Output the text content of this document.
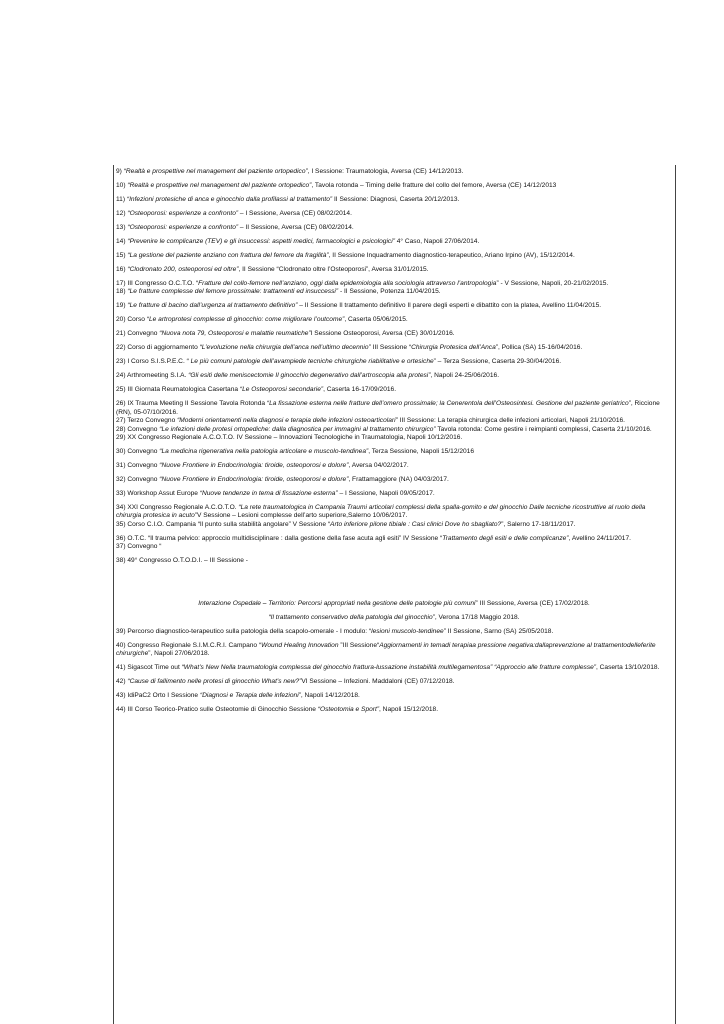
9) “Realtà e prospettive nel management del paziente ortopedico”, I Sessione: Traumatologia, Aversa (CE) 14/12/2013.
10) “Realtà e prospettive nel management del paziente ortopedico”, Tavola rotonda – Timing delle fratture del collo del femore, Aversa (CE) 14/12/2013
11) “Infezioni protesiche di anca e ginocchio dalla profilassi al trattamento” II Sessione: Diagnosi, Caserta 20/12/2013.
12) “Osteoporosi: esperienze a confronto” – I Sessione, Aversa (CE) 08/02/2014.
13) “Osteoporosi: esperienze a confronto” – II Sessione, Aversa (CE) 08/02/2014.
14) “Prevenire le complicanze (TEV) e gli insuccessi: aspetti medici, farmacologici e psicologici” 4° Caso, Napoli 27/06/2014.
15) “La gestione del paziente anziano con frattura del femore da fragilità”, II Sessione Inquadramento diagnostico-terapeutico, Ariano Irpino (AV), 15/12/2014.
16) “Clodronato 200, osteoporosi ed oltre”, II Sessione “Clodronato oltre l’Osteoporosi”, Aversa 31/01/2015.
17) III Congresso O.C.T.O. “Fratture del collo-femore nell’anziano, oggi dalla epidemiologia alla sociologia attraverso l’antropologia” - V Sessione, Napoli, 20-21/02/2015.
18) “Le fratture complesse del femore prossimale: trattamenti ed insuccessi” - II Sessione, Potenza 11/04/2015.
19) “Le fratture di bacino dall’urgenza al trattamento definitivo” – II Sessione Il trattamento definitivo Il parere degli esperti e dibattito con la platea, Avellino 11/04/2015.
20) Corso “Le artroprotesi complesse di ginocchio: come migliorare l’outcome”, Caserta 05/06/2015.
21) Convegno “Nuova nota 79, Osteoporosi e malattie reumatiche”I Sessione Osteoporosi, Aversa (CE) 30/01/2016.
22) Corso di aggiornamento “L’evoluzione nella chirurgia dell’anca nell’ultimo decennio” III Sessione “Chirurgia Protesica dell’Anca”, Pollica (SA) 15-16/04/2016.
23) I Corso S.I.S.P.E.C. “ Le più comuni patologie dell’avampiede tecniche chirurgiche riabilitative e ortesiche” – Terza Sessione, Caserta 29-30/04/2016.
24) Arthromeeting S.I.A. “Gli esiti delle meniscectomie Il ginocchio degenerativo dall’artroscopia alla protesi”, Napoli 24-25/06/2016.
25) III Giornata Reumatologica Casertana “Le Osteoporosi secondarie”, Caserta 16-17/09/2016.
26) IX Trauma Meeting II Sessione Tavola Rotonda “La fissazione esterna nelle fratture dell’omero prossimale; la Cenerentola dell’Osteosintesi. Gestione del paziente geriatrico”, Riccione (RN), 05-07/10/2016.
27) Terzo Convegno “Moderni orientamenti nella diagnosi e terapia delle infezioni osteoarticolari” III Sessione: La terapia chirurgica delle infezioni articolari, Napoli 21/10/2016.
28) Convegno “Le infezioni delle protesi ortopediche: dalla diagnostica per immagini al trattamento chirurgico” Tavola rotonda: Come gestire i reimpianti complessi, Caserta 21/10/2016.
29) XX Congresso Regionale A.C.O.T.O. IV Sessione – Innovazioni Tecnologiche in Traumatologia, Napoli 10/12/2016.
30) Convegno “La medicina rigenerativa nella patologia articolare e muscolo-tendinea”, Terza Sessione, Napoli 15/12/2016
31) Convegno “Nuove Frontiere in Endocrinologia: tiroide, osteoporosi e dolore”, Aversa 04/02/2017.
32) Convegno “Nuove Frontiere in Endocrinologia: tiroide, osteoporosi e dolore”, Frattamaggiore (NA) 04/03/2017.
33) Workshop Assut Europe “Nuove tendenze in tema di fissazione esterna” – I Sessione, Napoli 09/05/2017.
34) XXI Congresso Regionale A.C.O.T.O. “La rete traumatologica in Campania Traumi articolari complessi della spalla-gomito e del ginocchio Dalle tecniche ricostruttive al ruolo della chirurgia protesica in acuto”V Sessione – Lesioni complesse dell’arto superiore,Salerno 10/06/2017.
35) Corso C.I.O. Campania “Il punto sulla stabilità angolare” V Sessione “Arto inferiore pilone tibiale : Casi clinici Dove ho sbagliato?”, Salerno 17-18/11/2017.
36) O.T.C. “Il trauma pelvico: approccio multidisciplinare : dalla gestione della fase acuta agli esiti” IV Sessione “Trattamento degli esiti e delle complicanze”, Avellino 24/11/2017.
37) Convegno “
38) 49° Congresso O.T.O.D.I. – III Sessione -
Interazione Ospedale – Territorio: Percorsi appropriati nella gestione delle patologie più comuni” III Sessione, Aversa (CE) 17/02/2018.
“Il trattamento conservativo della patologia del ginocchio”, Verona 17/18 Maggio 2018.
39) Percorso diagnostico-terapeutico sulla patologia della scapolo-omerale - I modulo: “lesioni muscolo-tendinee” II Sessione, Sarno (SA) 25/05/2018.
40) Congresso Regionale S.I.M.C.R.I. Campano “Wound Healing Innovation ”III Sessione“Aggiornamenti in temadi terapiaa pressione negativa:dallaprevenzione al trattamentodelleferite chirurgiche”, Napoli 27/06/2018.
41) Sigascot Time out “What’s New Nella traumatologia complessa del ginocchio frattura-lussazione instabilità multilegamentosa” “Approccio alle fratture complesse”, Caserta 13/10/2018.
42) “Cause di fallimento nelle protesi di ginocchio What’s new?”VI Sessione – Infezioni. Maddaloni (CE) 07/12/2018.
43) IdiPaC2 Orto I Sessione “Diagnosi e Terapia delle infezioni”, Napoli 14/12/2018.
44) III Corso Teorico-Pratico sulle Osteotomie di Ginocchio Sessione “Osteotomia e Sport”, Napoli 15/12/2018.
